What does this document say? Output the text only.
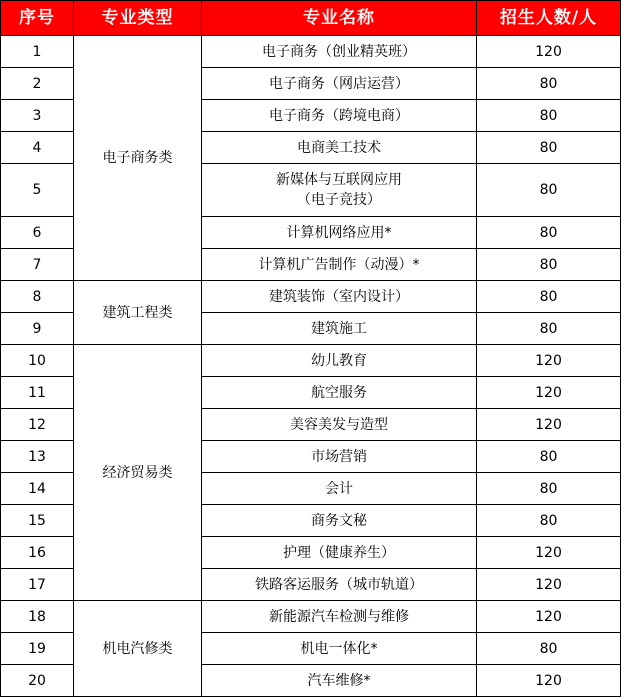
序号	专业类型	专业名称	招生人数/人
1	电子商务类	电子商务（创业精英班）	120
2		电子商务（网店运营）	80
3		电子商务（跨境电商）	80
4		电商美工技术	80
5		新媒体与互联网应用
（电子竞技）	80
6		计算机网络应用*	80
7		计算机广告制作（动漫）*	80
8	建筑工程类	建筑装饰（室内设计）	80
9		建筑施工	80
10	经济贸易类	幼儿教育	120
11		航空服务	120
12		美容美发与造型	120
13		市场营销	80
14		会计	80
15		商务文秘	80
16		护理（健康养生）	120
17		铁路客运服务（城市轨道）	120
18	机电汽修类	新能源汽车检测与维修	120
19		机电一体化*	80
20		汽车维修*	120
